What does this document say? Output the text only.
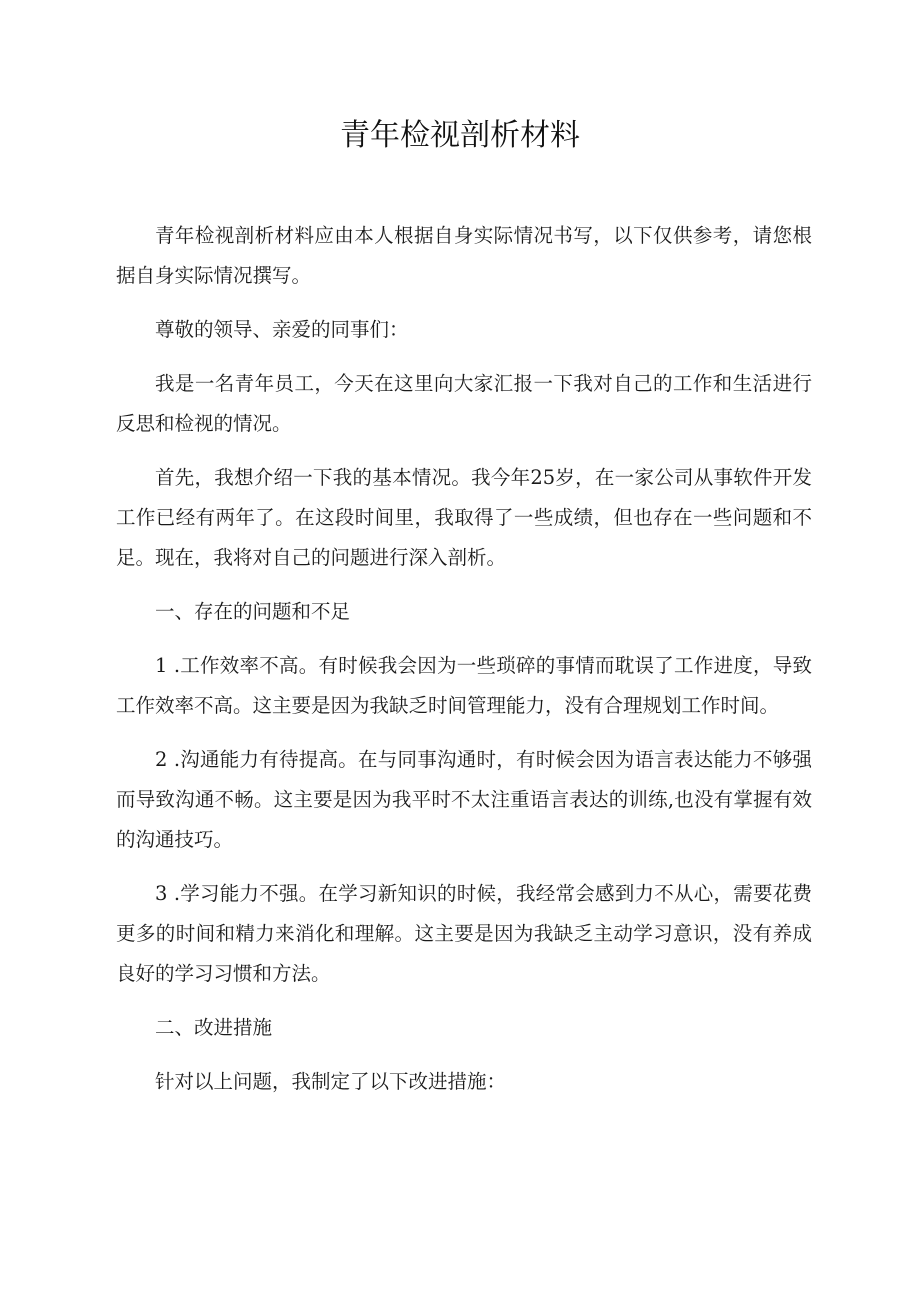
青年检视剖析材料

青年检视剖析材料应由本人根据自身实际情况书写，以下仅供参考，请您根据自身实际情况撰写。

尊敬的领导、亲爱的同事们：

我是一名青年员工，今天在这里向大家汇报一下我对自己的工作和生活进行反思和检视的情况。

首先，我想介绍一下我的基本情况。我今年25岁，在一家公司从事软件开发工作已经有两年了。在这段时间里，我取得了一些成绩，但也存在一些问题和不足。现在，我将对自己的问题进行深入剖析。

一、存在的问题和不足

1 .工作效率不高。有时候我会因为一些琐碎的事情而耽误了工作进度，导致工作效率不高。这主要是因为我缺乏时间管理能力，没有合理规划工作时间。

2 .沟通能力有待提高。在与同事沟通时，有时候会因为语言表达能力不够强而导致沟通不畅。这主要是因为我平时不太注重语言表达的训练,也没有掌握有效的沟通技巧。

3 .学习能力不强。在学习新知识的时候，我经常会感到力不从心，需要花费更多的时间和精力来消化和理解。这主要是因为我缺乏主动学习意识，没有养成良好的学习习惯和方法。

二、改进措施

针对以上问题，我制定了以下改进措施：
